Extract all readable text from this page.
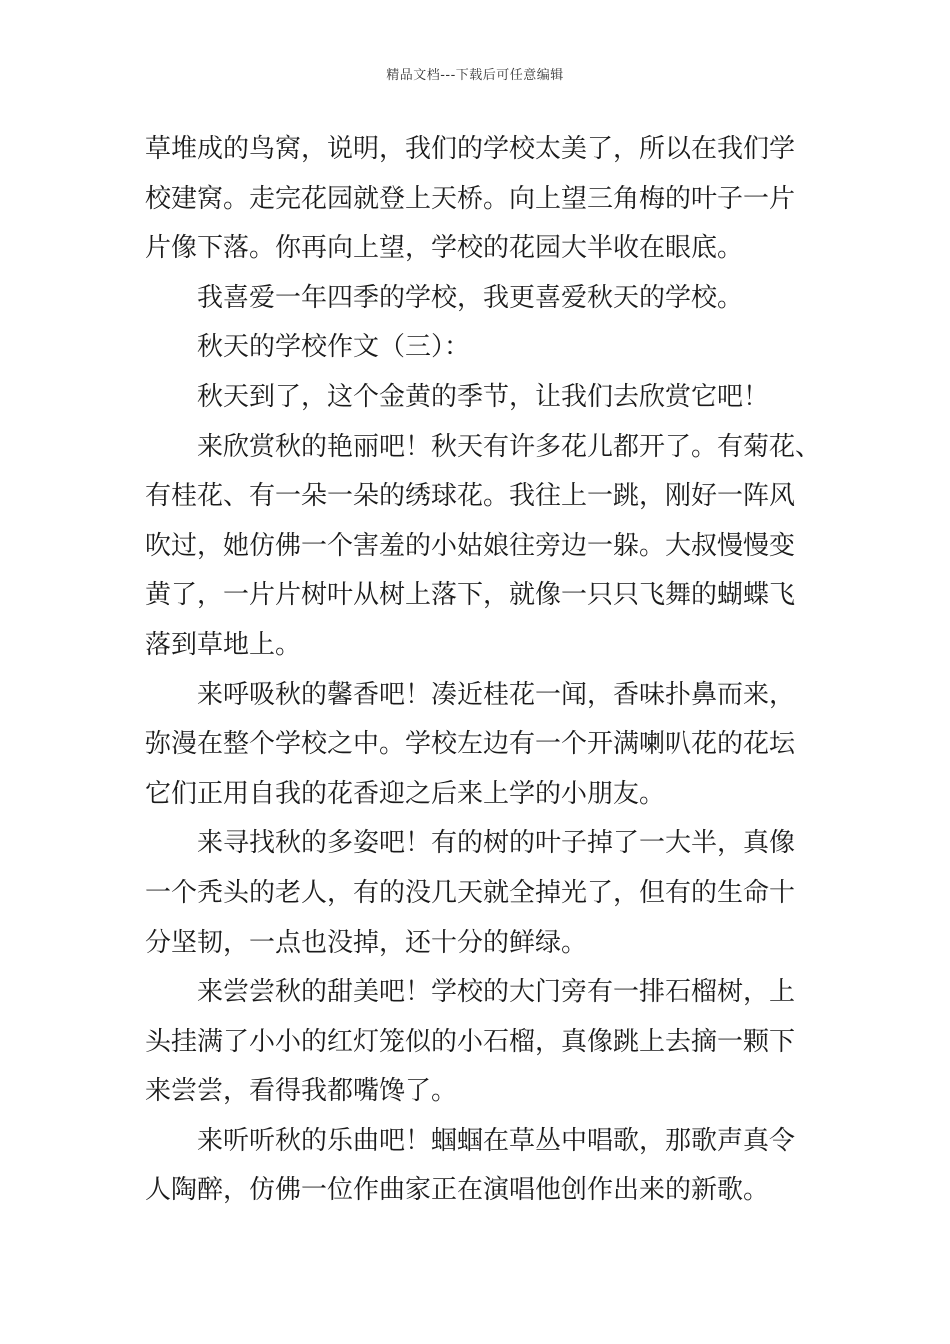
精品文档---下载后可任意编辑

草堆成的鸟窝，说明，我们的学校太美了，所以在我们学
校建窝。走完花园就登上天桥。向上望三角梅的叶子一片
片像下落。你再向上望，学校的花园大半收在眼底。

我喜爱一年四季的学校，我更喜爱秋天的学校。

秋天的学校作文（三）：

秋天到了，这个金黄的季节，让我们去欣赏它吧！

来欣赏秋的艳丽吧！秋天有许多花儿都开了。有菊花、
有桂花、有一朵一朵的绣球花。我往上一跳，刚好一阵风
吹过，她仿佛一个害羞的小姑娘往旁边一躲。大叔慢慢变
黄了，一片片树叶从树上落下，就像一只只飞舞的蝴蝶飞
落到草地上。

来呼吸秋的馨香吧！凑近桂花一闻，香味扑鼻而来，
弥漫在整个学校之中。学校左边有一个开满喇叭花的花坛
它们正用自我的花香迎之后来上学的小朋友。

来寻找秋的多姿吧！有的树的叶子掉了一大半，真像
一个秃头的老人，有的没几天就全掉光了，但有的生命十
分坚韧，一点也没掉，还十分的鲜绿。

来尝尝秋的甜美吧！学校的大门旁有一排石榴树，上
头挂满了小小的红灯笼似的小石榴，真像跳上去摘一颗下
来尝尝，看得我都嘴馋了。

来听听秋的乐曲吧！蝈蝈在草丛中唱歌，那歌声真令
人陶醉，仿佛一位作曲家正在演唱他创作出来的新歌。
